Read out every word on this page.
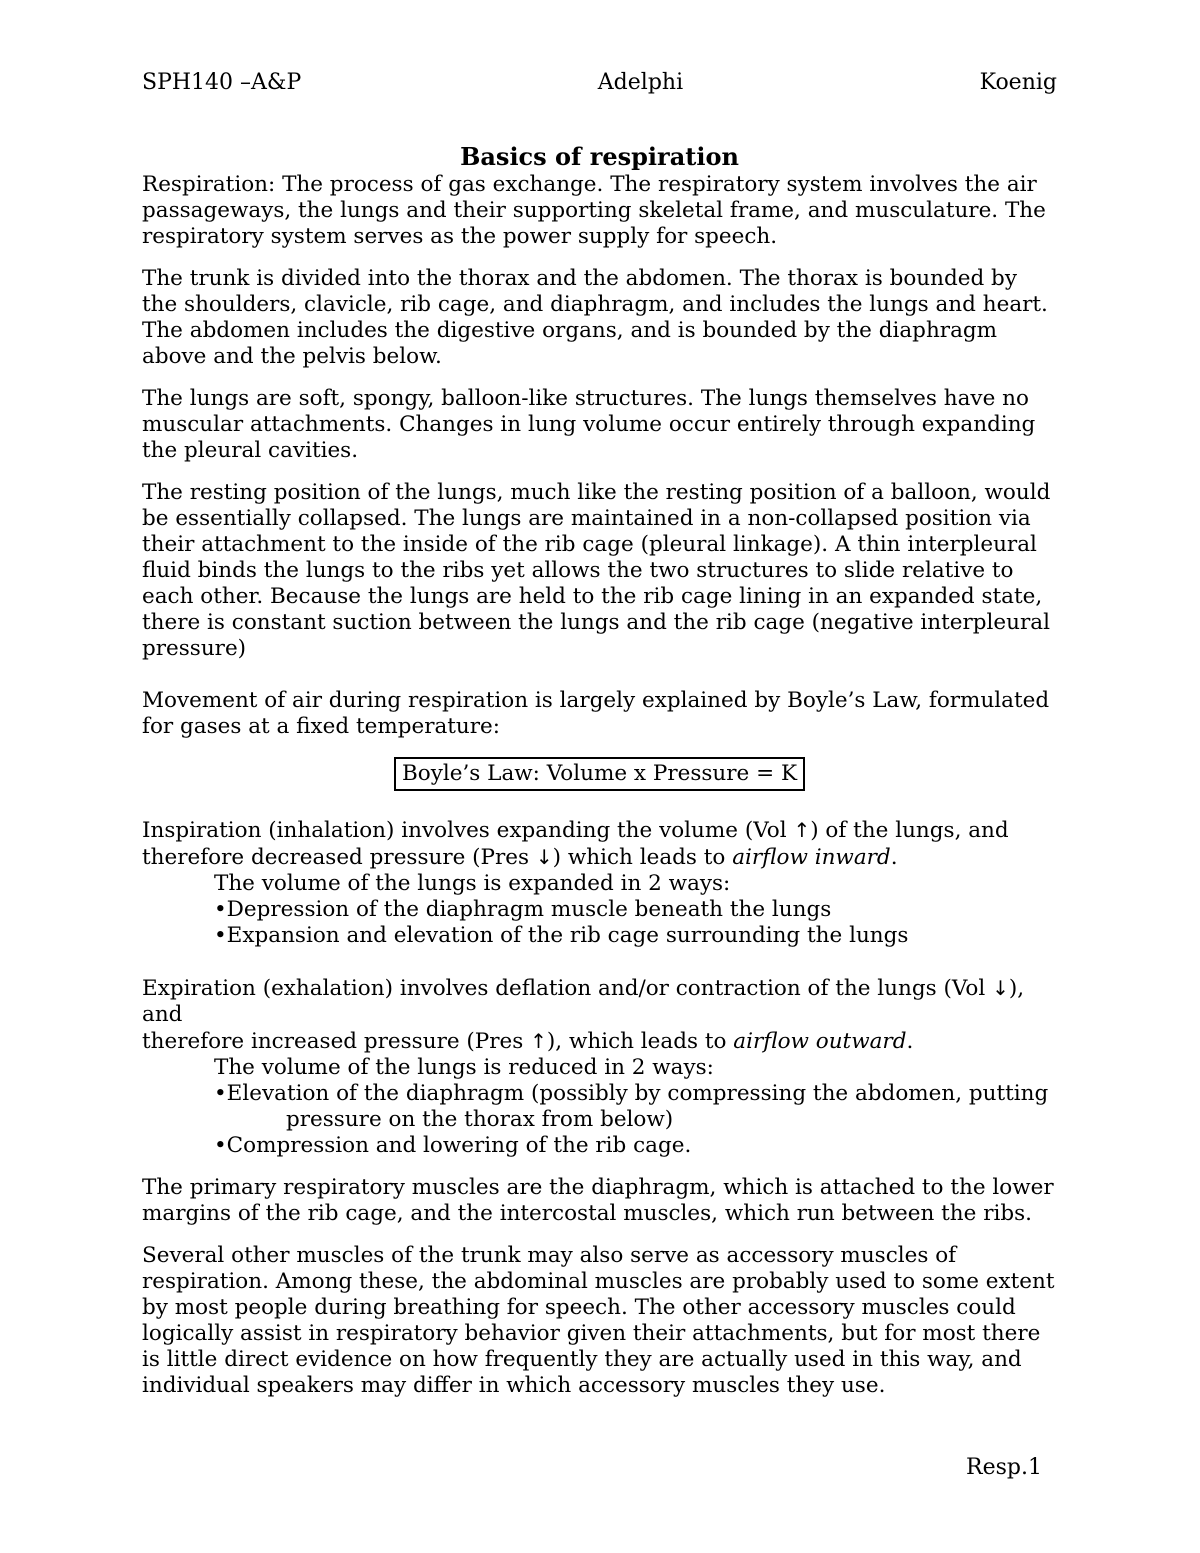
SPH140 –A&P	Adelphi	Koenig
Basics of respiration

Respiration: The process of gas exchange. The respiratory system involves the air passageways, the lungs and their supporting skeletal frame, and musculature. The respiratory system serves as the power supply for speech.

The trunk is divided into the thorax and the abdomen. The thorax is bounded by the shoulders, clavicle, rib cage, and diaphragm, and includes the lungs and heart. The abdomen includes the digestive organs, and is bounded by the diaphragm above and the pelvis below.

The lungs are soft, spongy, balloon-like structures. The lungs themselves have no muscular attachments. Changes in lung volume occur entirely through expanding the pleural cavities.

The resting position of the lungs, much like the resting position of a balloon, would be essentially collapsed. The lungs are maintained in a non-collapsed position via their attachment to the inside of the rib cage (pleural linkage). A thin interpleural fluid binds the lungs to the ribs yet allows the two structures to slide relative to each other. Because the lungs are held to the rib cage lining in an expanded state, there is constant suction between the lungs and the rib cage (negative interpleural pressure)

Movement of air during respiration is largely explained by Boyle’s Law, formulated for gases at a fixed temperature:

Boyle’s Law: Volume x Pressure = K

Inspiration (inhalation) involves expanding the volume (Vol ↑) of the lungs, and

therefore decreased pressure (Pres ↓) which leads to airflow inward.

The volume of the lungs is expanded in 2 ways:

•Depression of the diaphragm muscle beneath the lungs

•Expansion and elevation of the rib cage surrounding the lungs

Expiration (exhalation) involves deflation and/or contraction of the lungs (Vol ↓), and

therefore increased pressure (Pres ↑), which leads to airflow outward.

The volume of the lungs is reduced in 2 ways:

•Elevation of the diaphragm (possibly by compressing the abdomen, putting

pressure on the thorax from below)

•Compression and lowering of the rib cage.

The primary respiratory muscles are the diaphragm, which is attached to the lower margins of the rib cage, and the intercostal muscles, which run between the ribs.

Several other muscles of the trunk may also serve as accessory muscles of respiration. Among these, the abdominal muscles are probably used to some extent by most people during breathing for speech. The other accessory muscles could logically assist in respiratory behavior given their attachments, but for most there is little direct evidence on how frequently they are actually used in this way, and individual speakers may differ in which accessory muscles they use.

Resp.1
